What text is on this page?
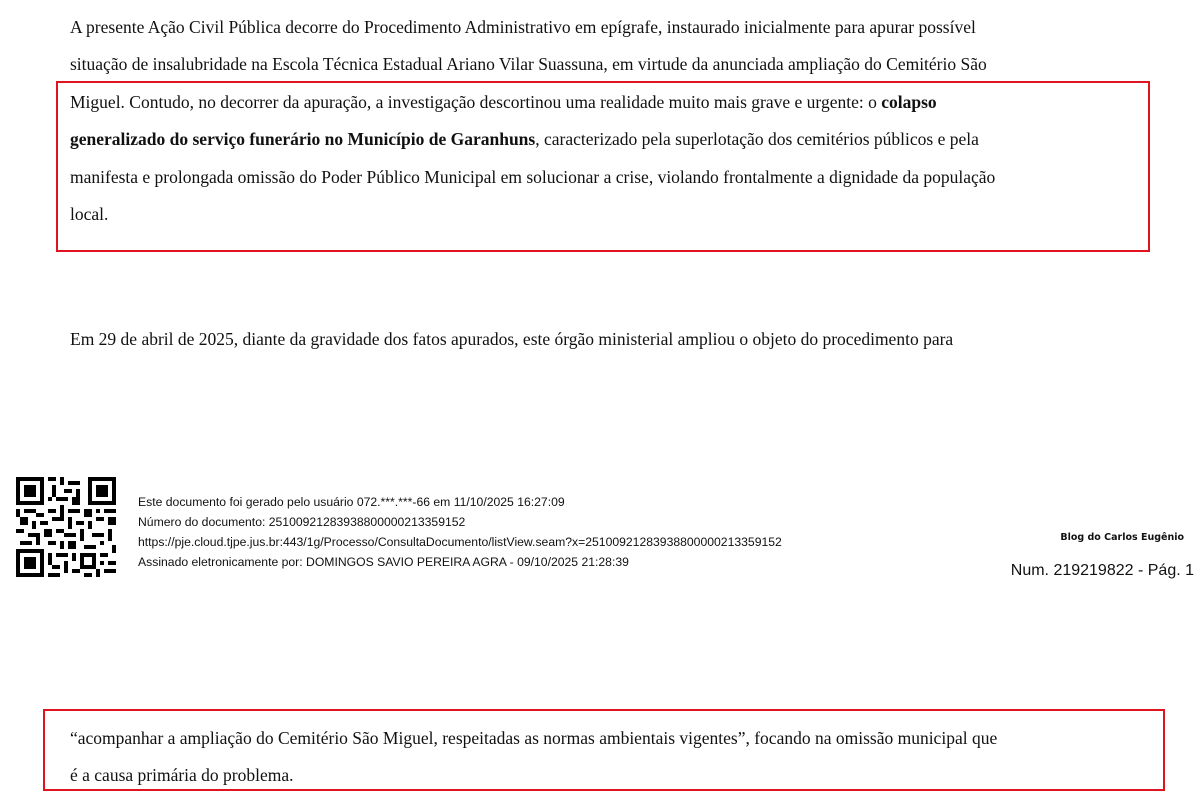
A presente Ação Civil Pública decorre do Procedimento Administrativo em epígrafe, instaurado inicialmente para apurar possível
situação de insalubridade na Escola Técnica Estadual Ariano Vilar Suassuna, em virtude da anunciada ampliação do Cemitério São
Miguel. Contudo, no decorrer da apuração, a investigação descortinou uma realidade muito mais grave e urgente: o colapso
generalizado do serviço funerário no Município de Garanhuns, caracterizado pela superlotação dos cemitérios públicos e pela
manifesta e prolongada omissão do Poder Público Municipal em solucionar a crise, violando frontalmente a dignidade da população
local.
Em 29 de abril de 2025, diante da gravidade dos fatos apurados, este órgão ministerial ampliou o objeto do procedimento para
Este documento foi gerado pelo usuário 072.***.***-66 em 11/10/2025 16:27:09
Número do documento: 25100921283938800000213359152
https://pje.cloud.tjpe.jus.br:443/1g/Processo/ConsultaDocumento/listView.seam?x=25100921283938800000213359152
Assinado eletronicamente por: DOMINGOS SAVIO PEREIRA AGRA - 09/10/2025 21:28:39
Blog do Carlos Eugênio
Num. 219219822 - Pág. 1
“acompanhar a ampliação do Cemitério São Miguel, respeitadas as normas ambientais vigentes”, focando na omissão municipal que
é a causa primária do problema.
